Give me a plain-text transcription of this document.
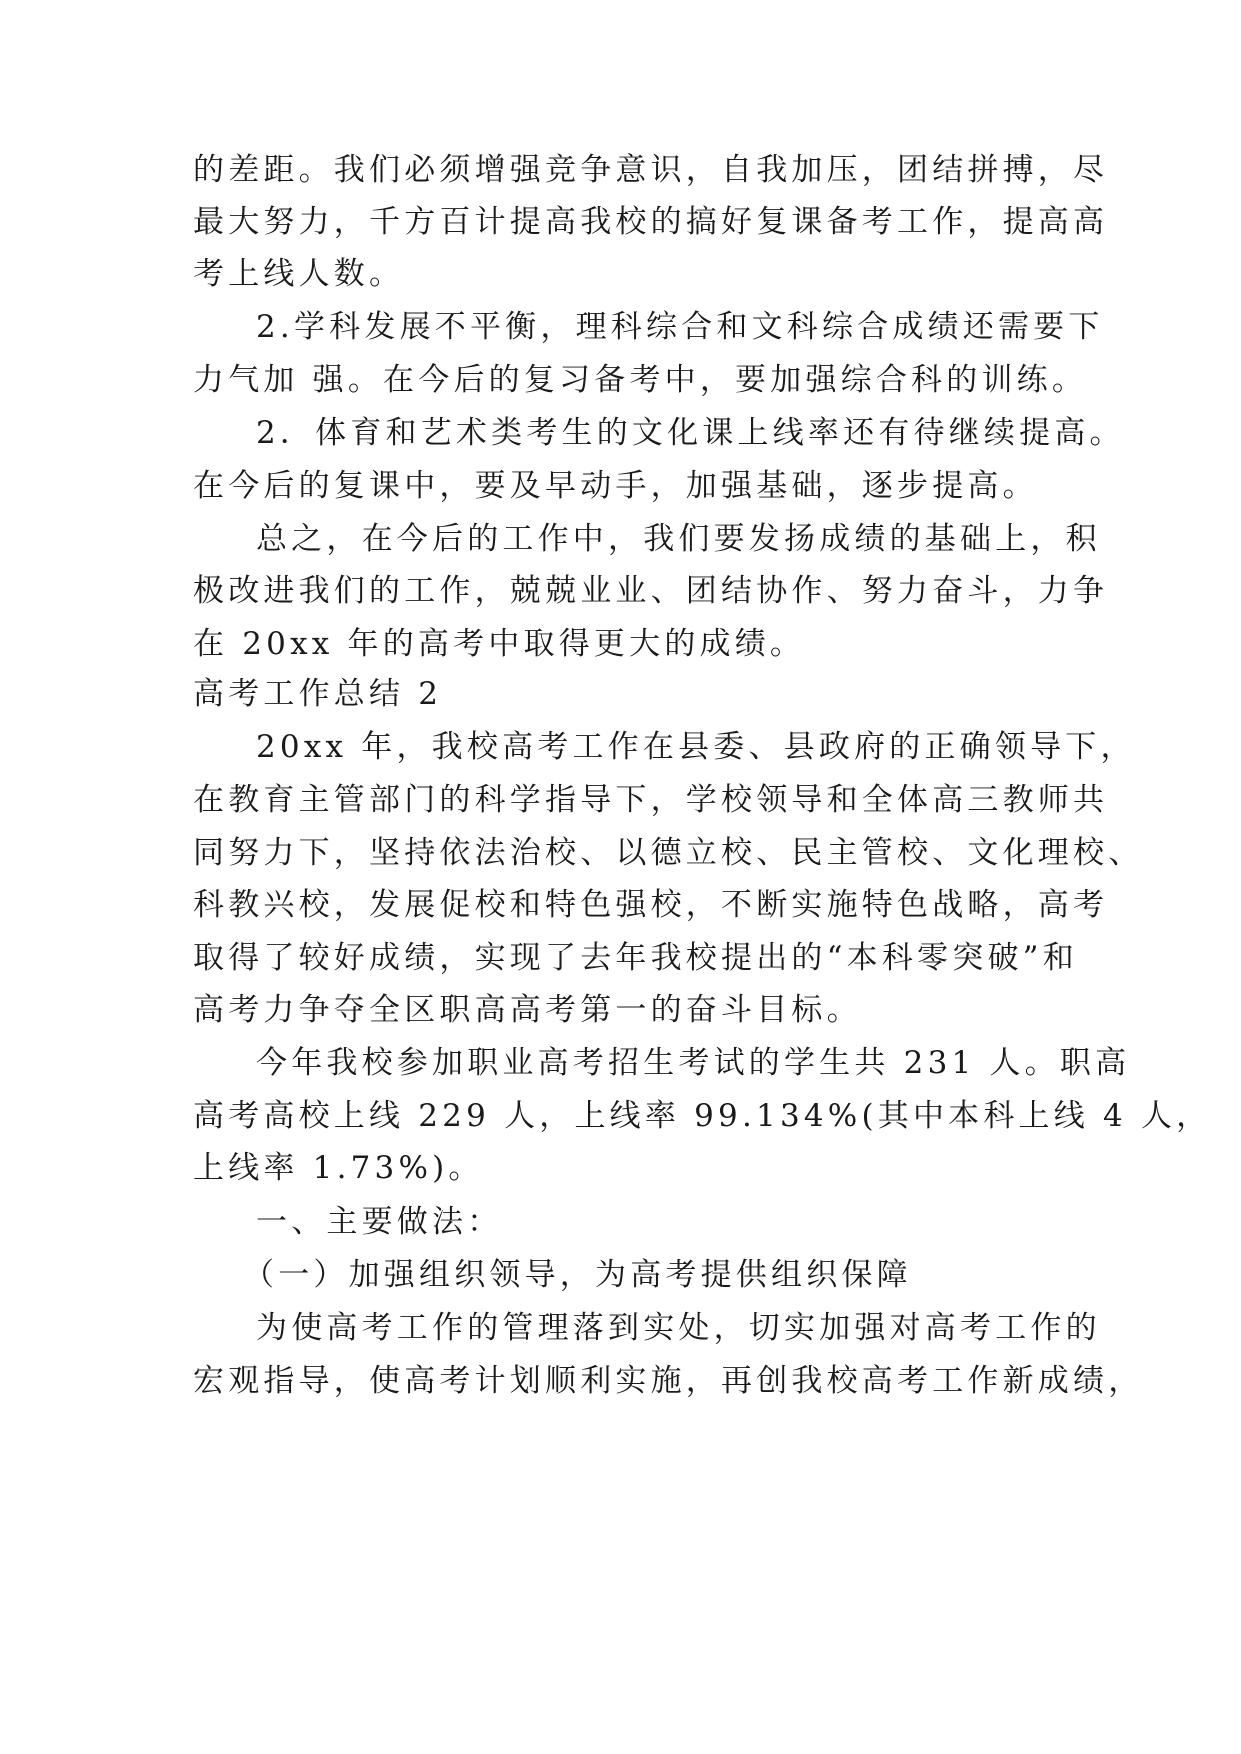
的差距。我们必须增强竞争意识，自我加压，团结拼搏，尽
最大努力，千方百计提高我校的搞好复课备考工作，提高高
考上线人数。
2.学科发展不平衡，理科综合和文科综合成绩还需要下
力气加 强。在今后的复习备考中，要加强综合科的训练。
2．体育和艺术类考生的文化课上线率还有待继续提高。
在今后的复课中，要及早动手，加强基础，逐步提高。
总之，在今后的工作中，我们要发扬成绩的基础上，积
极改进我们的工作，兢兢业业、团结协作、努力奋斗，力争
在 20xx 年的高考中取得更大的成绩。
高考工作总结 2
20xx 年，我校高考工作在县委、县政府的正确领导下，
在教育主管部门的科学指导下，学校领导和全体高三教师共
同努力下，坚持依法治校、以德立校、民主管校、文化理校、
科教兴校，发展促校和特色强校，不断实施特色战略，高考
取得了较好成绩，实现了去年我校提出的“本科零突破”和
高考力争夺全区职高高考第一的奋斗目标。
今年我校参加职业高考招生考试的学生共 231 人。职高
高考高校上线 229 人，上线率 99.134%(其中本科上线 4 人，
上线率 1.73%)。
一、主要做法：
（一）加强组织领导，为高考提供组织保障
为使高考工作的管理落到实处，切实加强对高考工作的
宏观指导，使高考计划顺利实施，再创我校高考工作新成绩，
